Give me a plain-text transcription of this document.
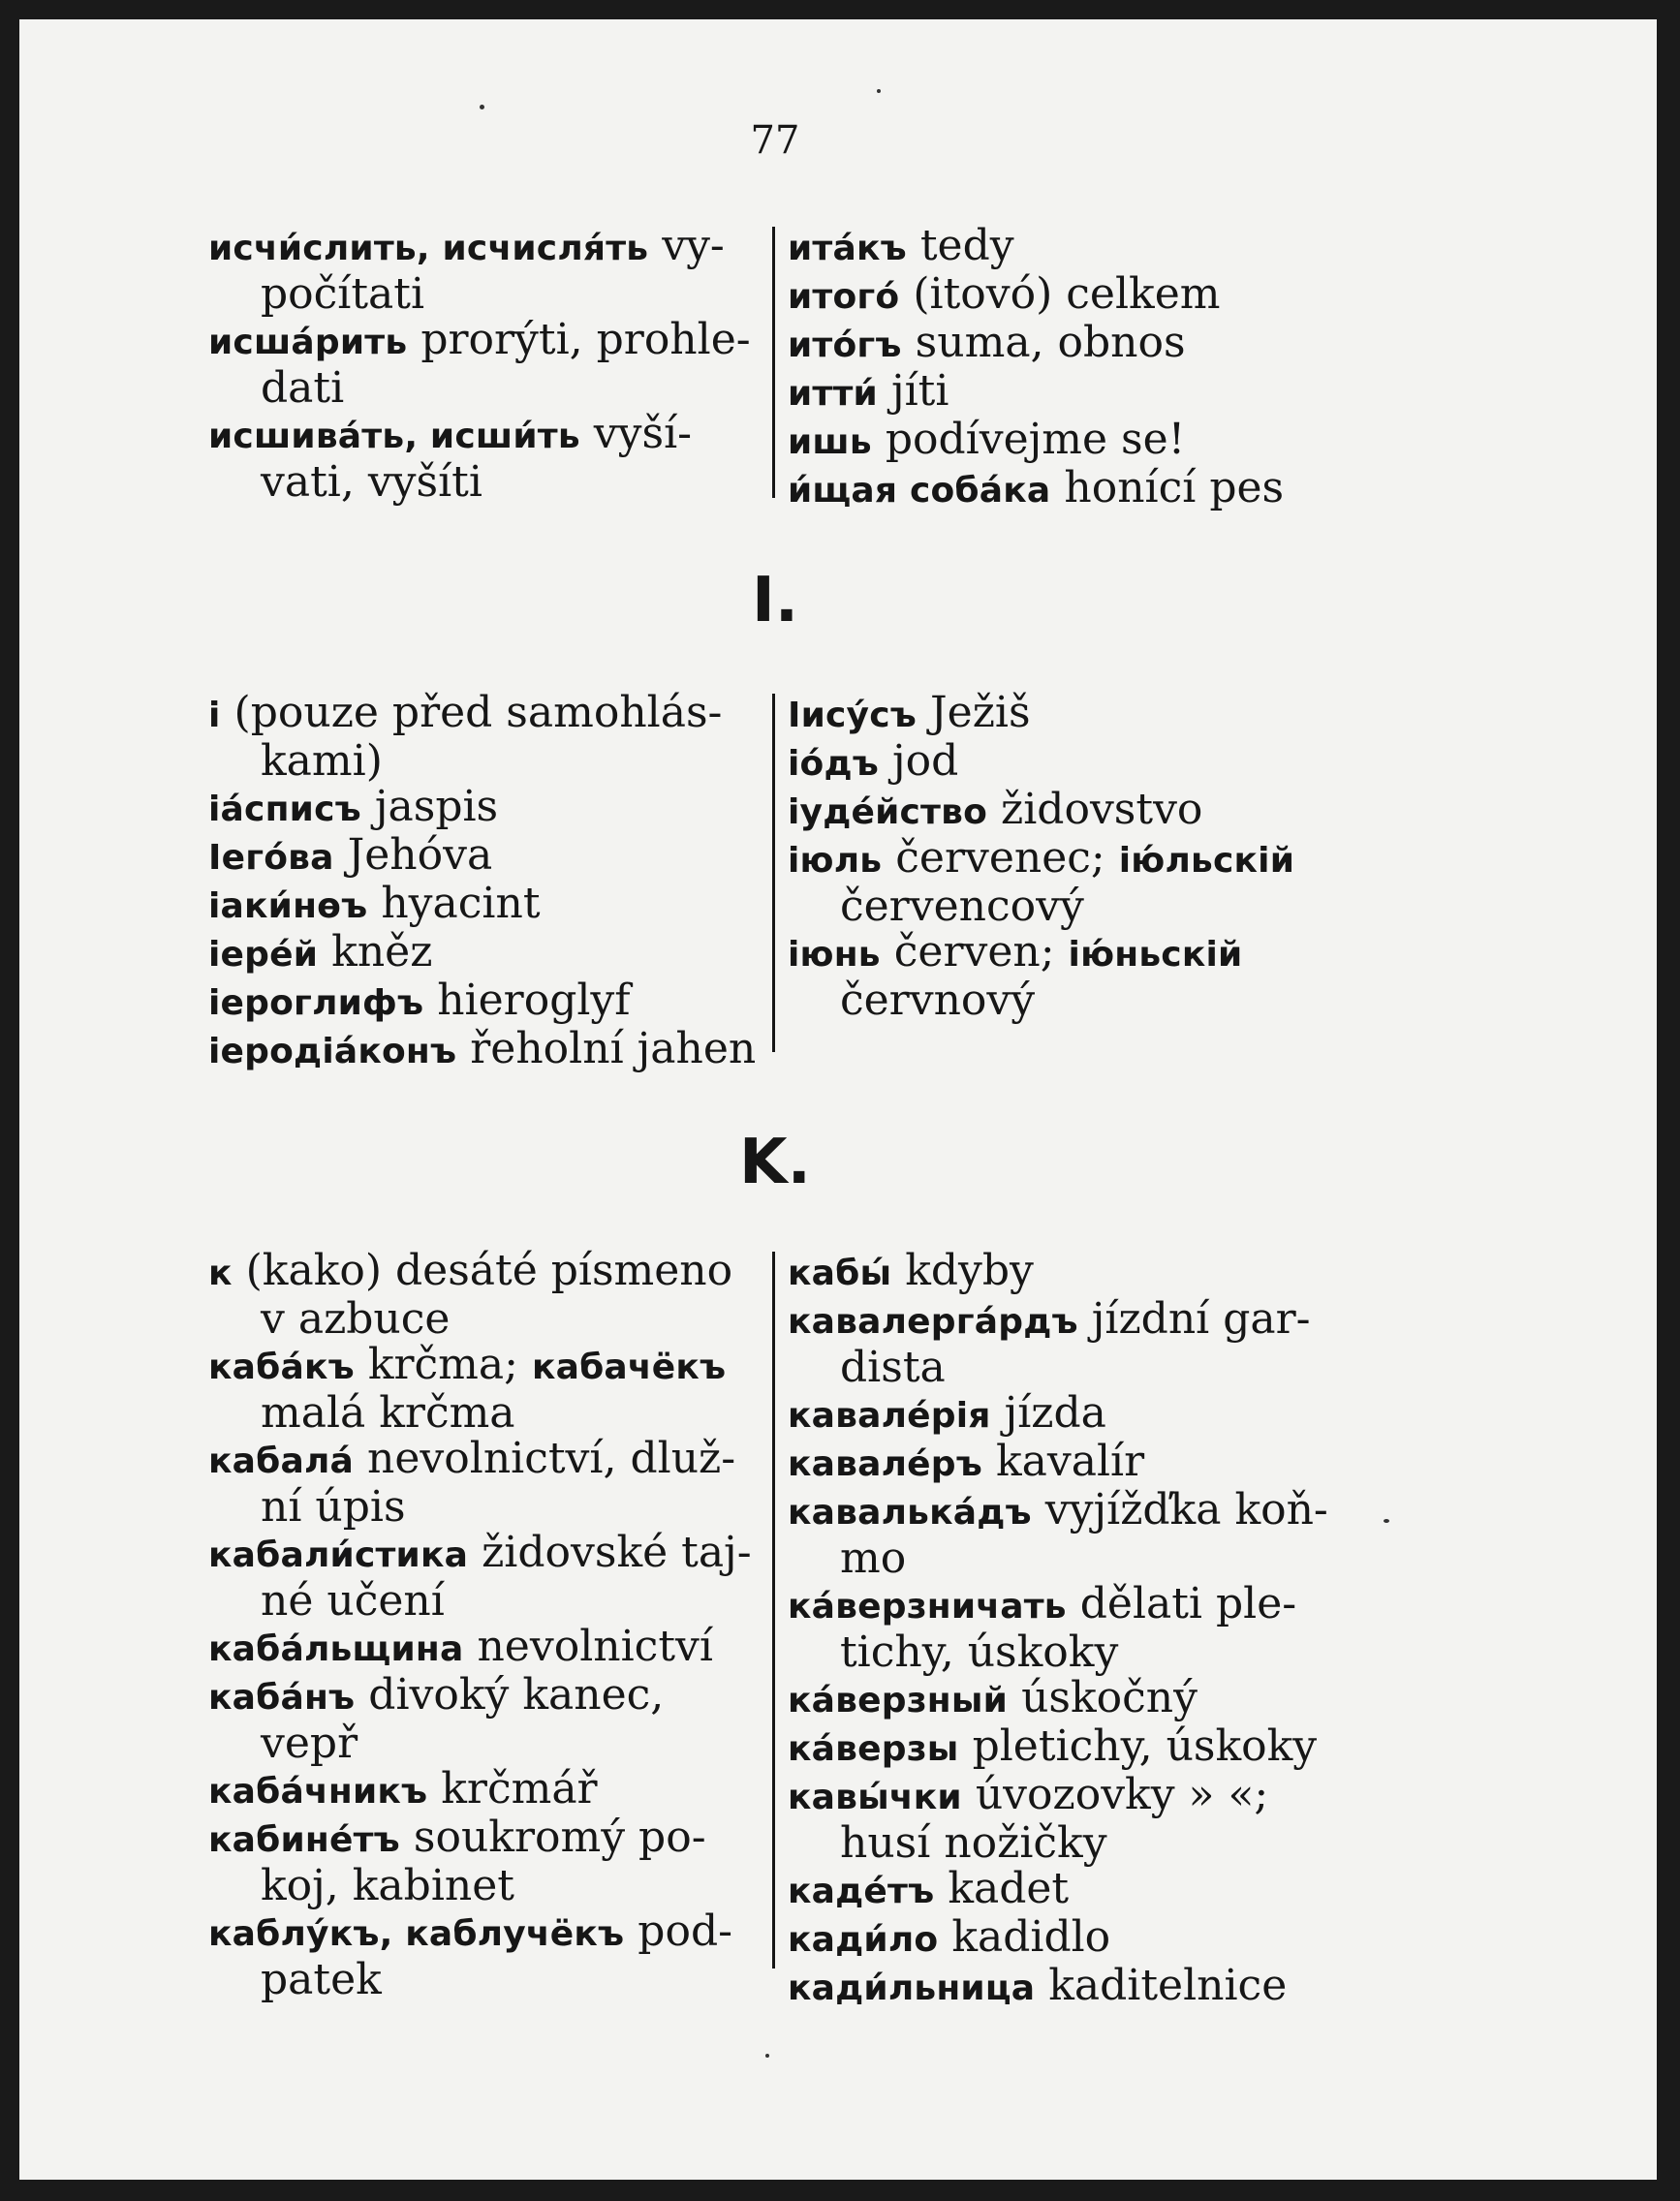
77

исчи́слить, исчисля́ть vy-
počítati

исша́рить prorýti, prohle-
dati

исшива́ть, исши́ть vyší-
vati, vyšíti

ита́къ tedy

итого́ (itovó) celkem

ито́гъ suma, obnos

итти́ jíti

ишь podívejme se!

и́щая соба́ка honící pes

I.

i (pouze před samohlás-
kami)

iа́списъ jaspis

Iего́ва Jehóva

iаки́нөъ hyacint

iере́й kněz

iероглифъ hieroglyf

iеродiа́конъ řeholní jahen

Iису́съ Ježiš

iо́дъ jod

iуде́йство židovstvo

iюль červenec; iю́льскiй
červencový

iюнь červen; iю́ньскiй
červnový

K.

к (kako) desáté písmeno
v azbuce

каба́къ krčma; кабачёкъ
malá krčma

кабала́ nevolnictví, dluž-
ní úpis

кабали́стика židovské taj-
né učení

каба́льщина nevolnictví

каба́нъ divoký kanec,
vepř

каба́чникъ krčmář

кабине́тъ soukromý po-
koj, kabinet

каблу́къ, каблучёкъ pod-
patek

кабы́ kdyby

кавалерга́рдъ jízdní gar-
dista

кавале́рiя jízda

кавале́ръ kavalír

кавалька́дъ vyjížďka koň-
mo

ка́верзничать dělati ple-
tichy, úskoky

ка́верзный úskočný

ка́верзы pletichy, úskoky

кавы́чки úvozovky » «;
husí nožičky

каде́тъ kadet

кади́ло kadidlo

кади́льница kaditelnice
